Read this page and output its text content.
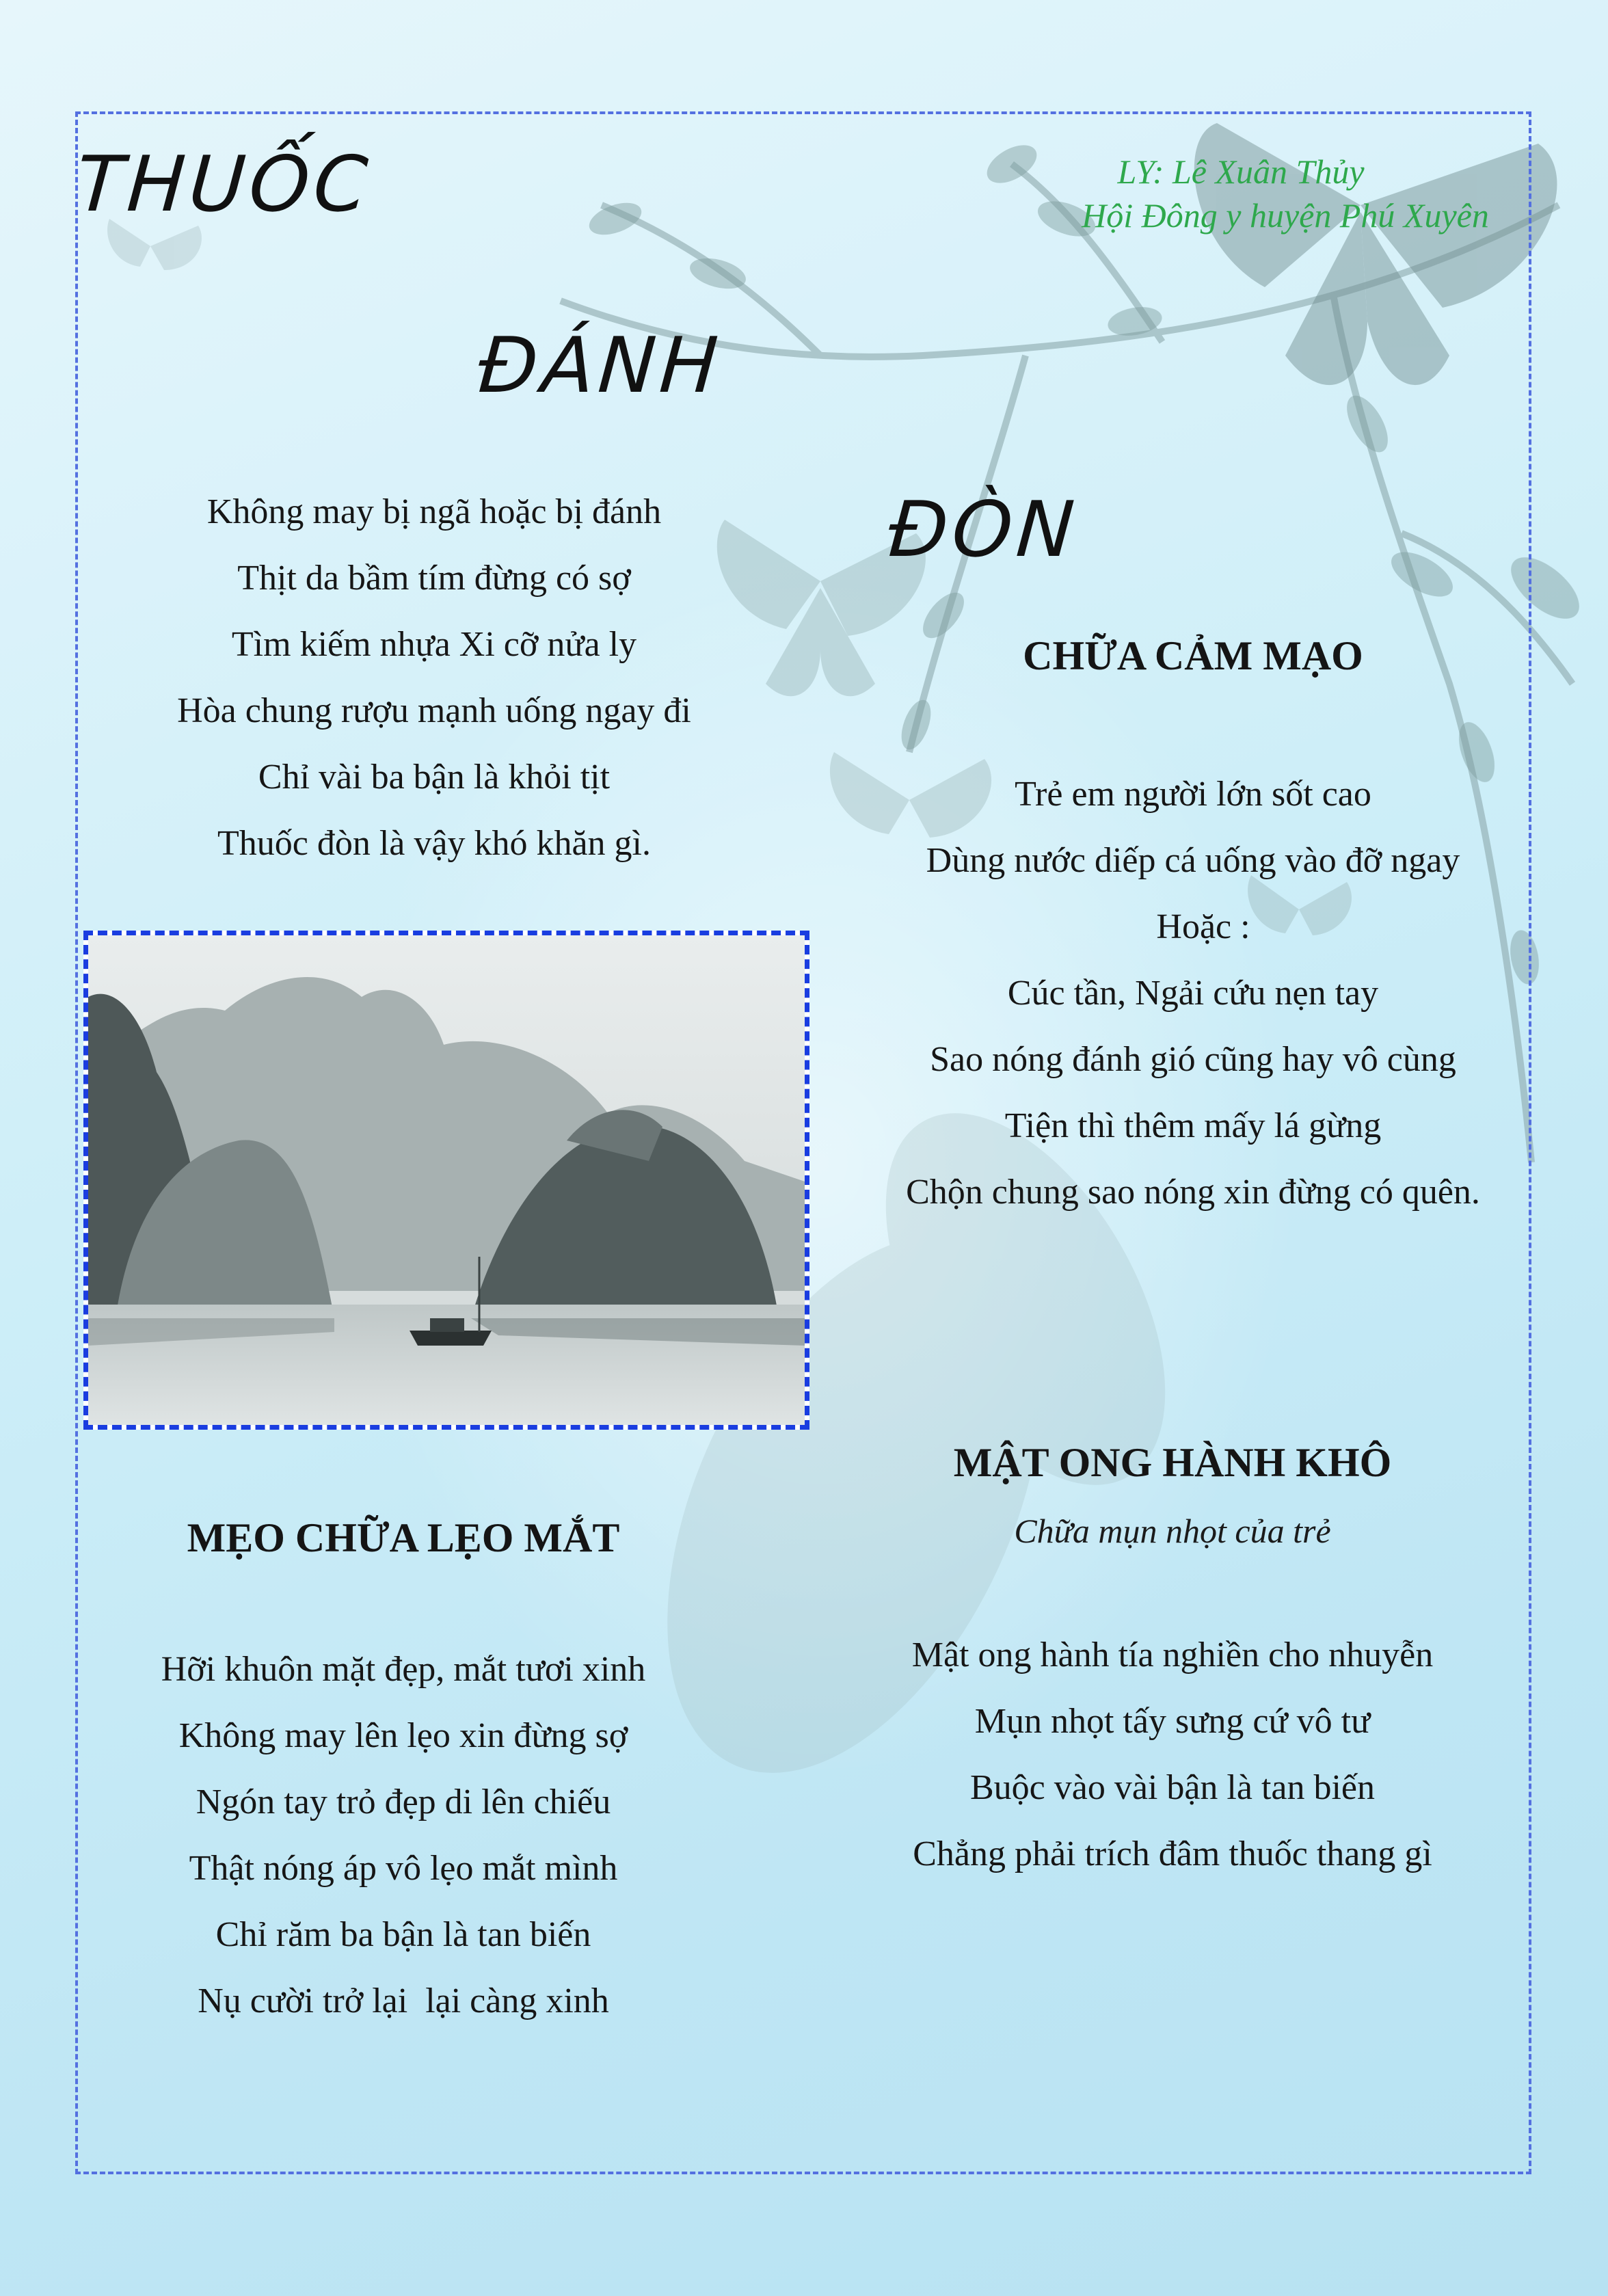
THUỐC
ĐÁNH
ĐÒN
LY: Lê Xuân Thủy
Hội Đông y huyện Phú Xuyên
Không may bị ngã hoặc bị đánh
Thịt da bầm tím đừng có sợ
Tìm kiếm nhựa Xi cỡ nửa ly
Hòa chung rượu mạnh uống ngay đi
Chỉ vài ba bận là khỏi tịt
Thuốc đòn là vậy khó khăn gì.
CHỮA CẢM MẠO
Trẻ em người lớn sốt cao
Dùng nước diếp cá uống vào đỡ ngay
Hoặc :
Cúc tần, Ngải cứu nẹn tay
Sao nóng đánh gió cũng hay vô cùng
Tiện thì thêm mấy lá gừng
Chộn chung sao nóng xin đừng có quên.
MẬT ONG HÀNH KHÔ
Chữa mụn nhọt của trẻ
Mật ong hành tía nghiền cho nhuyễn
Mụn nhọt tấy sưng cứ vô tư
Buộc vào vài bận là tan biến
Chẳng phải trích đâm thuốc thang gì
MẸO CHỮA LẸO MẮT
Hỡi khuôn mặt đẹp, mắt tươi xinh
Không may lên lẹo xin đừng sợ
Ngón tay trỏ đẹp di lên chiếu
Thật nóng áp vô lẹo mắt mình
Chỉ răm ba bận là tan biến
Nụ cười trở lại  lại càng xinh
